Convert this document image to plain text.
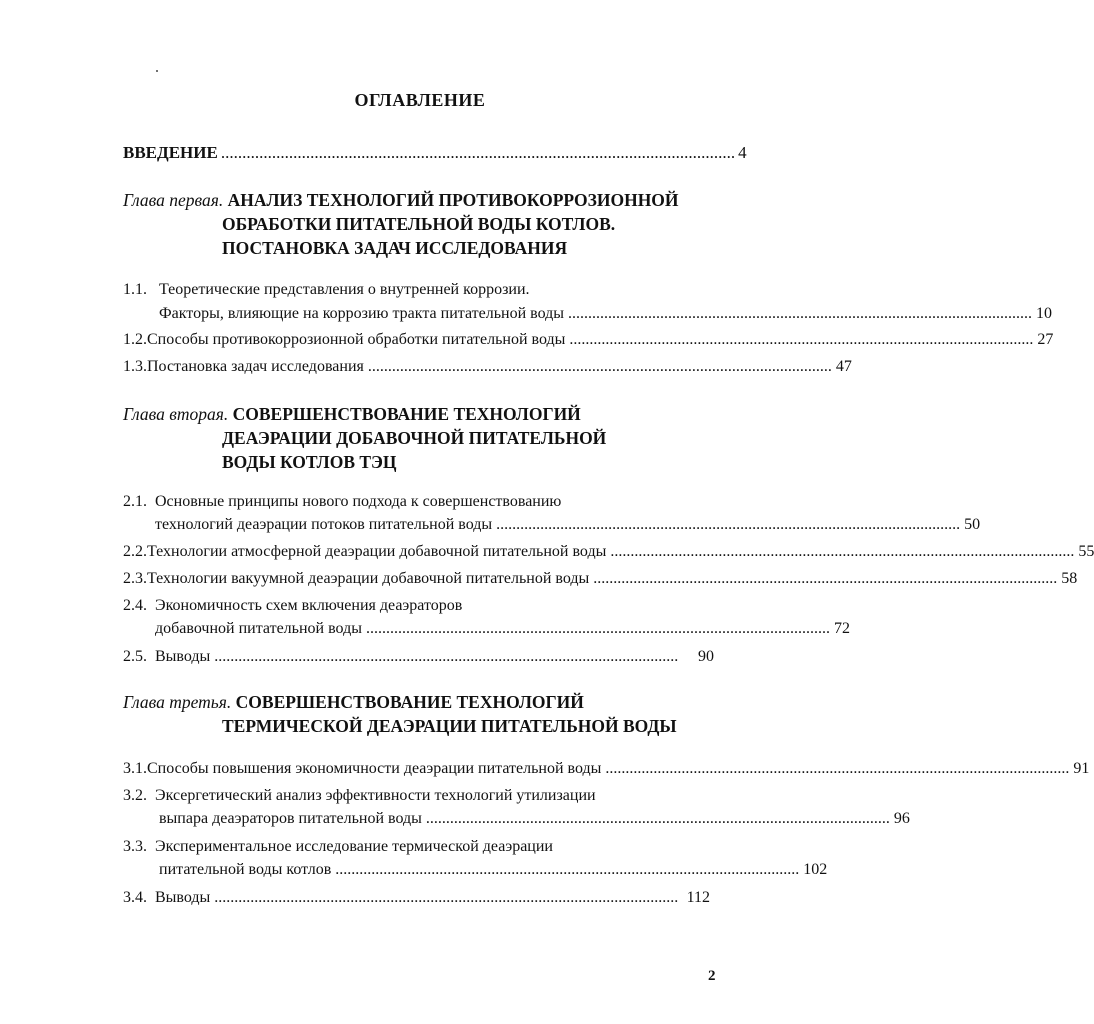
ОГЛАВЛЕНИЕ
ВВЕДЕНИЕ ......................................................................................................................... 4
Глава первая. АНАЛИЗ ТЕХНОЛОГИЙ ПРОТИВОКОРРОЗИОННОЙ
ОБРАБОТКИ ПИТАТЕЛЬНОЙ ВОДЫ КОТЛОВ.
ПОСТАНОВКА ЗАДАЧ ИССЛЕДОВАНИЯ
1.1. Теоретические представления о внутренней коррозии.
Факторы, влияющие на коррозию тракта питательной воды .................................................................................................................... 10
1.2. Способы противокоррозионной обработки питательной воды .................................................................................................................... 27
1.3. Постановка задач исследования .................................................................................................................... 47
Глава вторая. СОВЕРШЕНСТВОВАНИЕ ТЕХНОЛОГИЙ
ДЕАЭРАЦИИ ДОБАВОЧНОЙ ПИТАТЕЛЬНОЙ
ВОДЫ КОТЛОВ ТЭЦ
2.1. Основные принципы нового подхода к совершенствованию
технологий деаэрации потоков питательной воды .................................................................................................................... 50
2.2. Технологии атмосферной деаэрации добавочной питательной воды .................................................................................................................... 55
2.3. Технологии вакуумной деаэрации добавочной питательной воды .................................................................................................................... 58
2.4. Экономичность схем включения деаэраторов
добавочной питательной воды .................................................................................................................... 72
2.5. Выводы ....................................................................................................................	90
Глава третья. СОВЕРШЕНСТВОВАНИЕ ТЕХНОЛОГИЙ
ТЕРМИЧЕСКОЙ ДЕАЭРАЦИИ ПИТАТЕЛЬНОЙ ВОДЫ
3.1. Способы повышения экономичности деаэрации питательной воды .................................................................................................................... 91
3.2. Эксергетический анализ эффективности технологий утилизации
выпара деаэраторов питательной воды .................................................................................................................... 96
3.3. Экспериментальное исследование термической деаэрации
питательной воды котлов .................................................................................................................... 102
3.4. Выводы .................................................................................................................... 112
2
